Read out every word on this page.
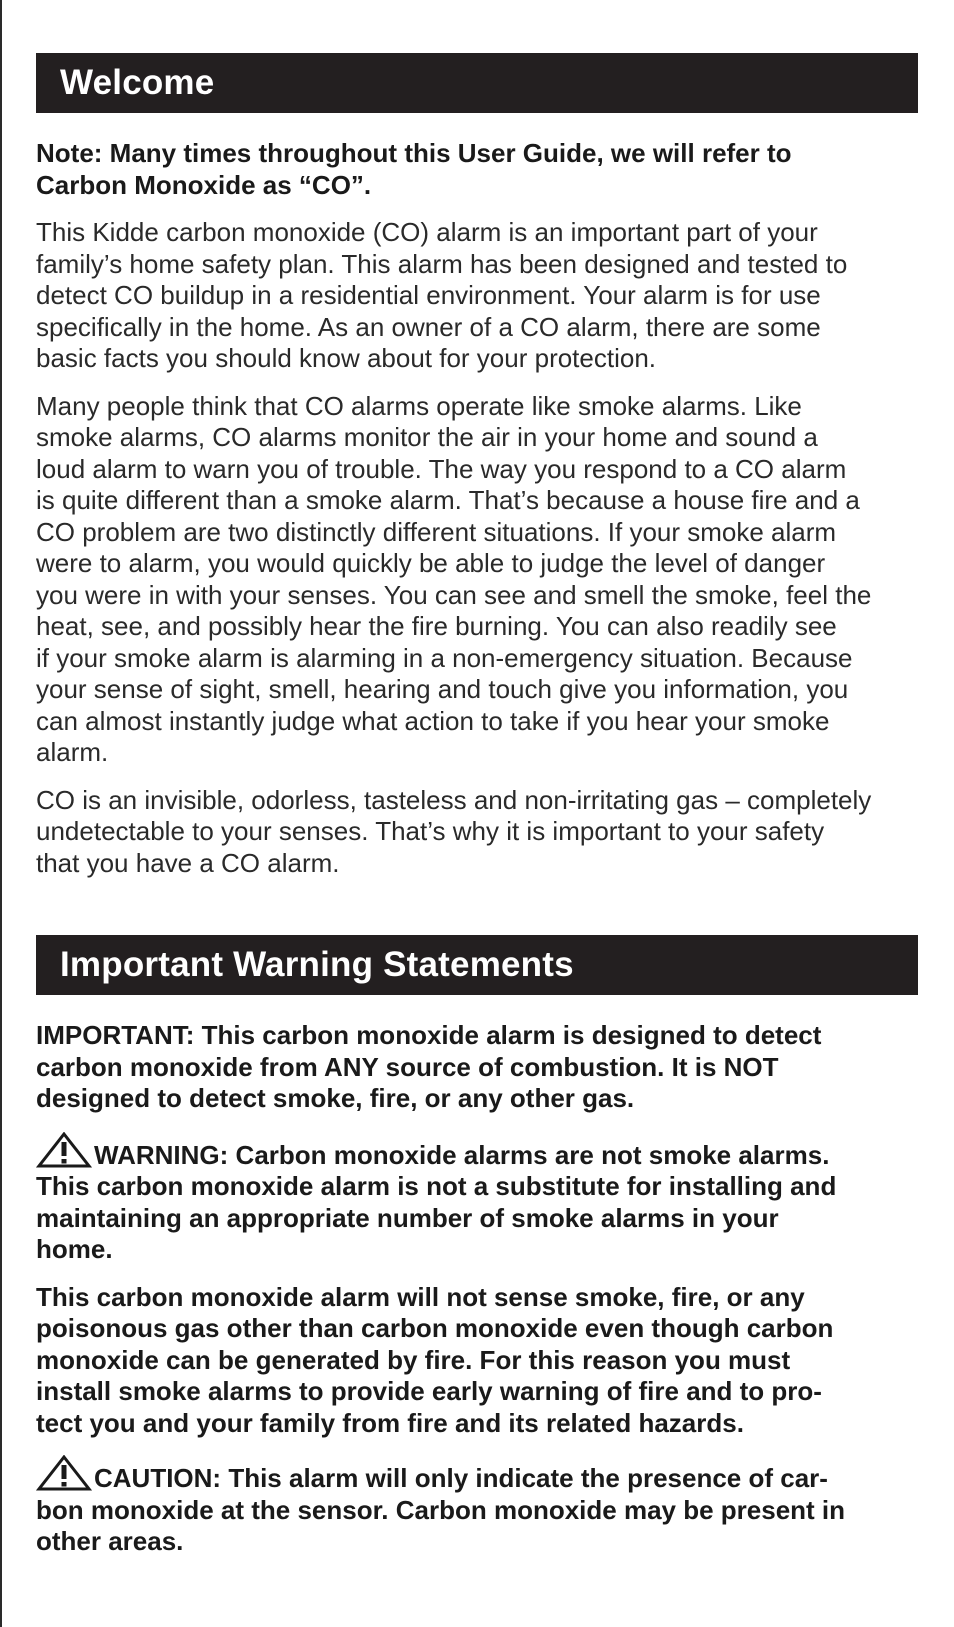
Welcome

Note: Many times throughout this User Guide, we will refer to
Carbon Monoxide as “CO”.

This Kidde carbon monoxide (CO) alarm is an important part of your
family’s home safety plan. This alarm has been designed and tested to
detect CO buildup in a residential environment. Your alarm is for use
specifically in the home. As an owner of a CO alarm, there are some
basic facts you should know about for your protection.

Many people think that CO alarms operate like smoke alarms. Like
smoke alarms, CO alarms monitor the air in your home and sound a
loud alarm to warn you of trouble. The way you respond to a CO alarm
is quite different than a smoke alarm. That’s because a house fire and a
CO problem are two distinctly different situations. If your smoke alarm
were to alarm, you would quickly be able to judge the level of danger
you were in with your senses. You can see and smell the smoke, feel the
heat, see, and possibly hear the fire burning. You can also readily see
if your smoke alarm is alarming in a non-emergency situation. Because
your sense of sight, smell, hearing and touch give you information, you
can almost instantly judge what action to take if you hear your smoke
alarm.

CO is an invisible, odorless, tasteless and non-irritating gas – completely
undetectable to your senses. That’s why it is important to your safety
that you have a CO alarm.

Important Warning Statements

IMPORTANT: This carbon monoxide alarm is designed to detect
carbon monoxide from ANY source of combustion. It is NOT
designed to detect smoke, fire, or any other gas.

WARNING: Carbon monoxide alarms are not smoke alarms.
This carbon monoxide alarm is not a substitute for installing and
maintaining an appropriate number of smoke alarms in your
home.

This carbon monoxide alarm will not sense smoke, fire, or any
poisonous gas other than carbon monoxide even though carbon
monoxide can be generated by fire. For this reason you must
install smoke alarms to provide early warning of fire and to pro-
tect you and your family from fire and its related hazards.

CAUTION: This alarm will only indicate the presence of car-
bon monoxide at the sensor. Carbon monoxide may be present in
other areas.
